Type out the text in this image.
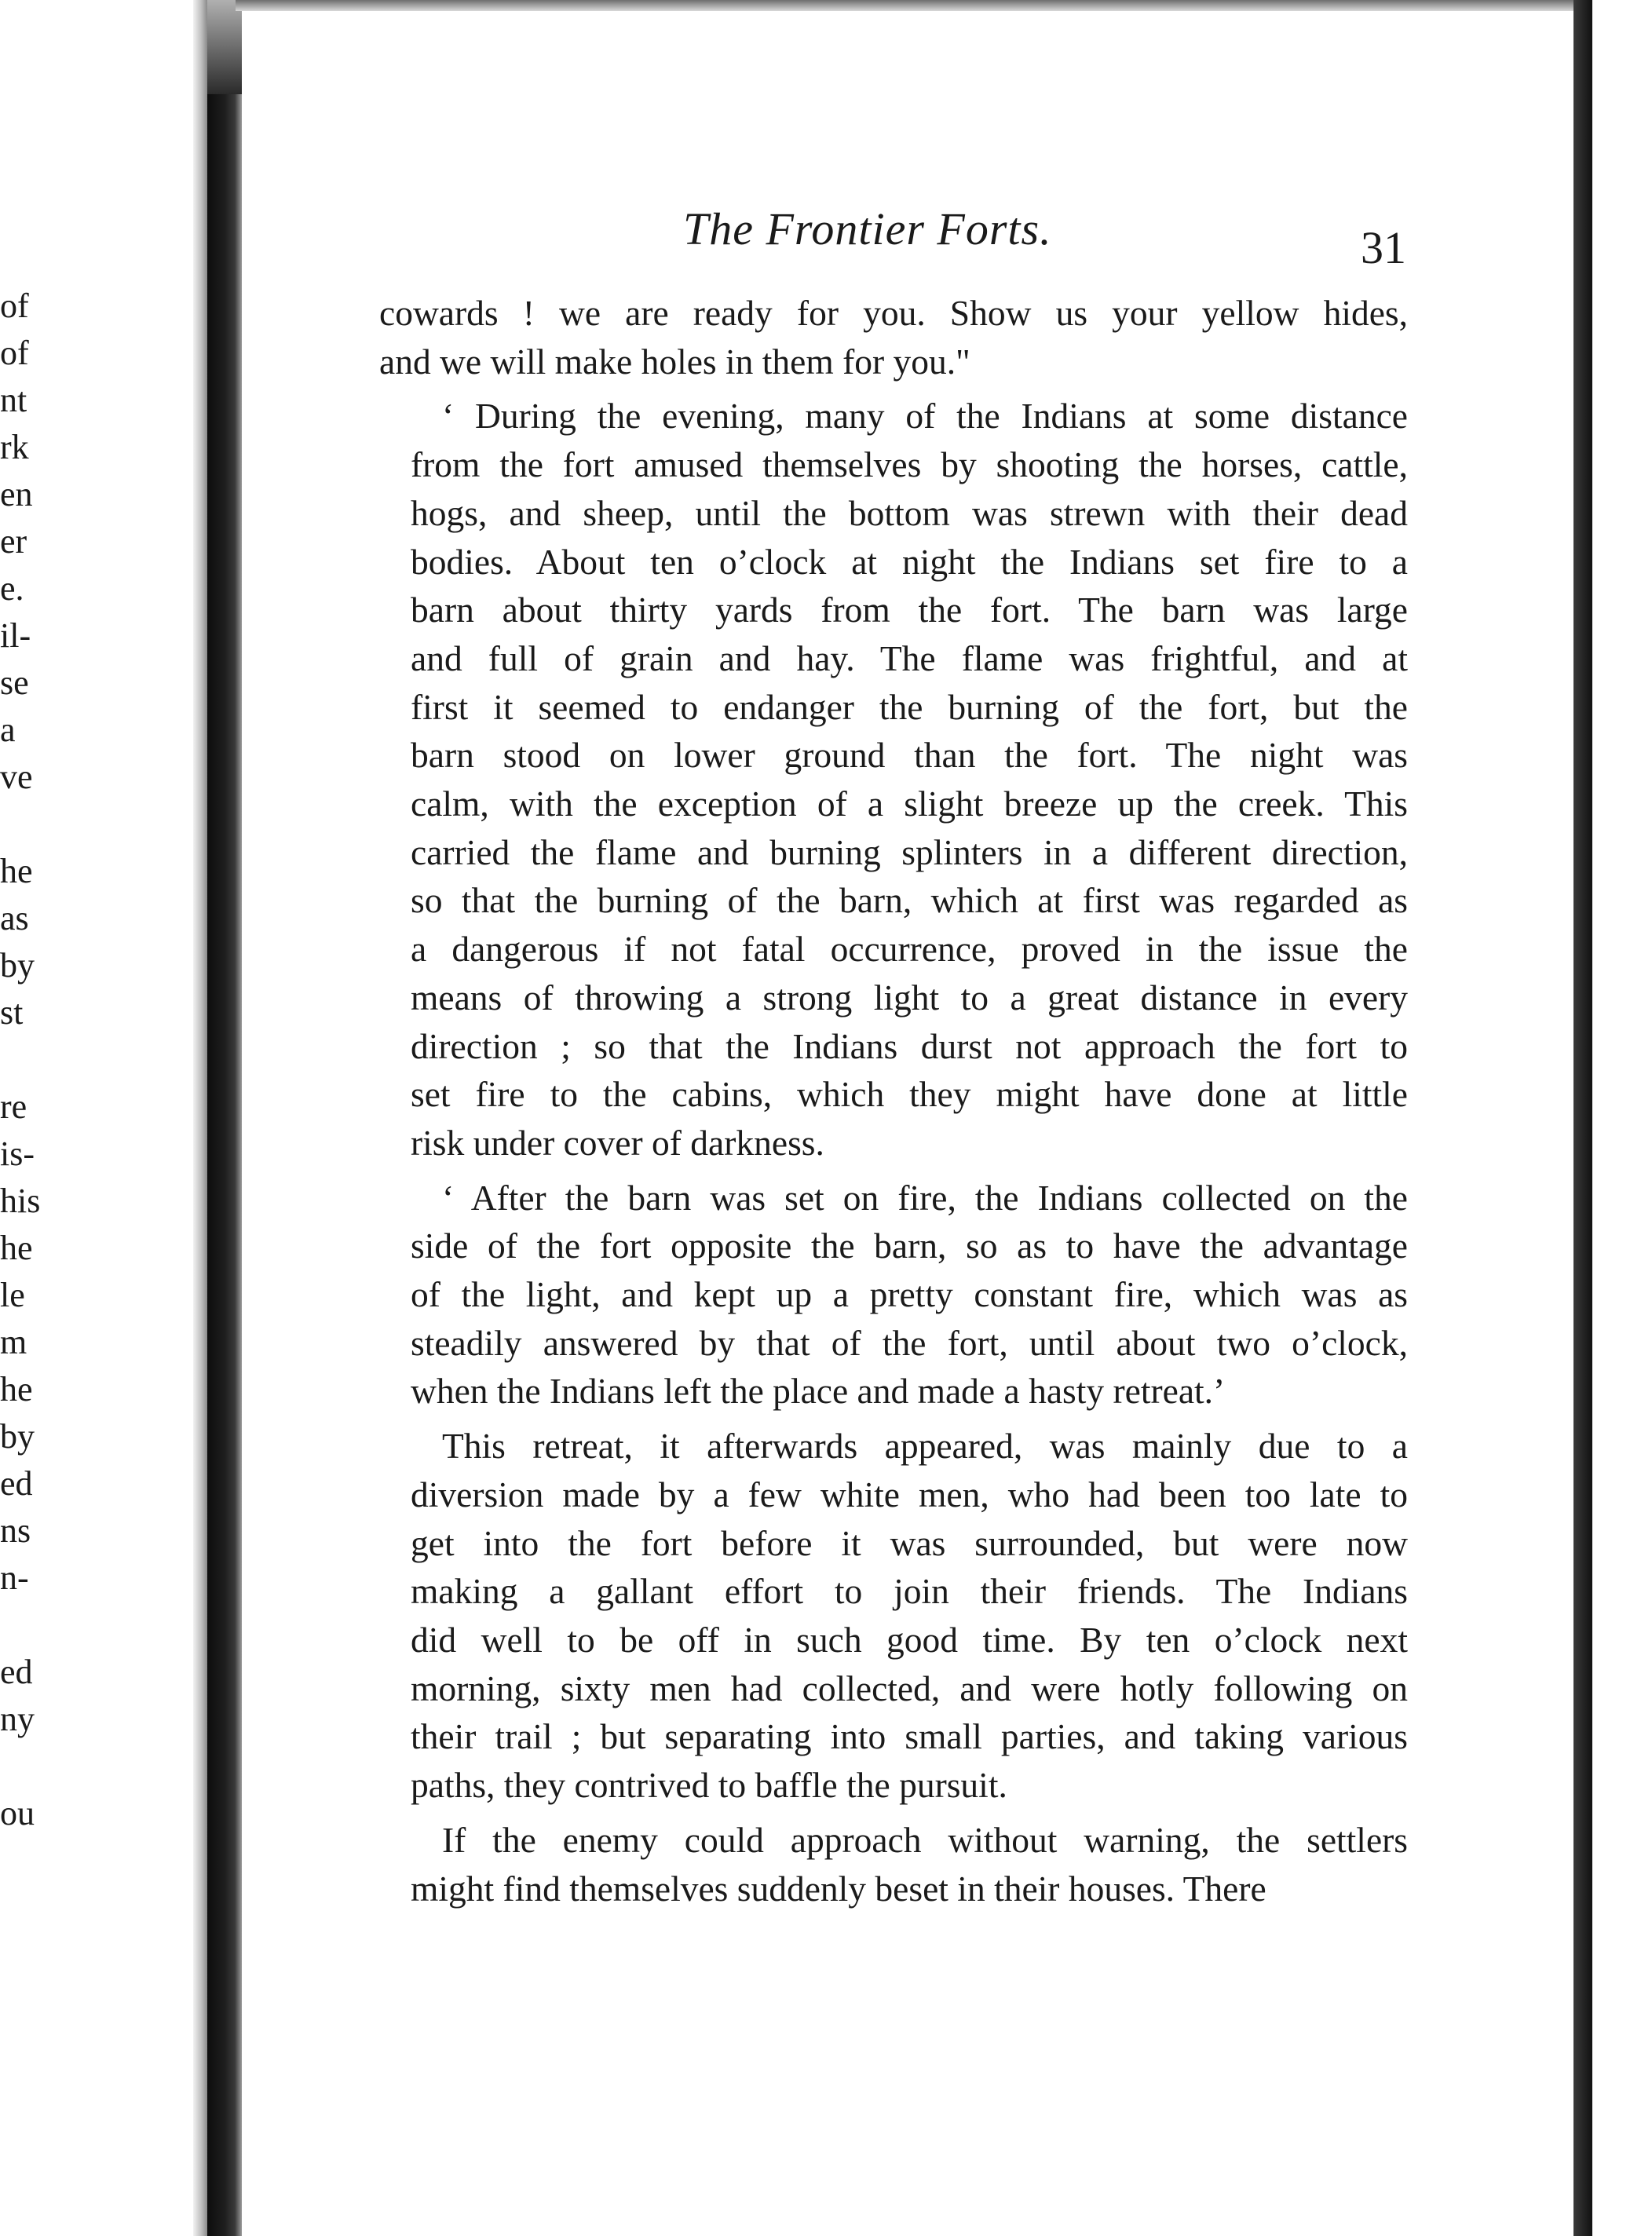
of
of
nt
rk
en
er
e.
il-
se
a
ve
he
as
by
st
re
is-
his
he
le
m
he
by
ed
ns
n-
ed
ny
ou
The Frontier Forts.	31

cowards ! we are ready for you. Show us your yellow hides,
and we will make holes in them for you."

‘ During the evening, many of the Indians at some distance
from the fort amused themselves by shooting the horses, cattle,
hogs, and sheep, until the bottom was strewn with their dead
bodies. About ten o’clock at night the Indians set fire to a
barn about thirty yards from the fort. The barn was large
and full of grain and hay. The flame was frightful, and at
first it seemed to endanger the burning of the fort, but the
barn stood on lower ground than the fort. The night was
calm, with the exception of a slight breeze up the creek. This
carried the flame and burning splinters in a different direction,
so that the burning of the barn, which at first was regarded as
a dangerous if not fatal occurrence, proved in the issue the
means of throwing a strong light to a great distance in every
direction ; so that the Indians durst not approach the fort to
set fire to the cabins, which they might have done at little
risk under cover of darkness.

‘ After the barn was set on fire, the Indians collected on the
side of the fort opposite the barn, so as to have the advantage
of the light, and kept up a pretty constant fire, which was as
steadily answered by that of the fort, until about two o’clock,
when the Indians left the place and made a hasty retreat.’

This retreat, it afterwards appeared, was mainly due to a
diversion made by a few white men, who had been too late to
get into the fort before it was surrounded, but were now
making a gallant effort to join their friends. The Indians
did well to be off in such good time. By ten o’clock next
morning, sixty men had collected, and were hotly following on
their trail ; but separating into small parties, and taking various
paths, they contrived to baffle the pursuit.

If the enemy could approach without warning, the settlers
might find themselves suddenly beset in their houses. There
